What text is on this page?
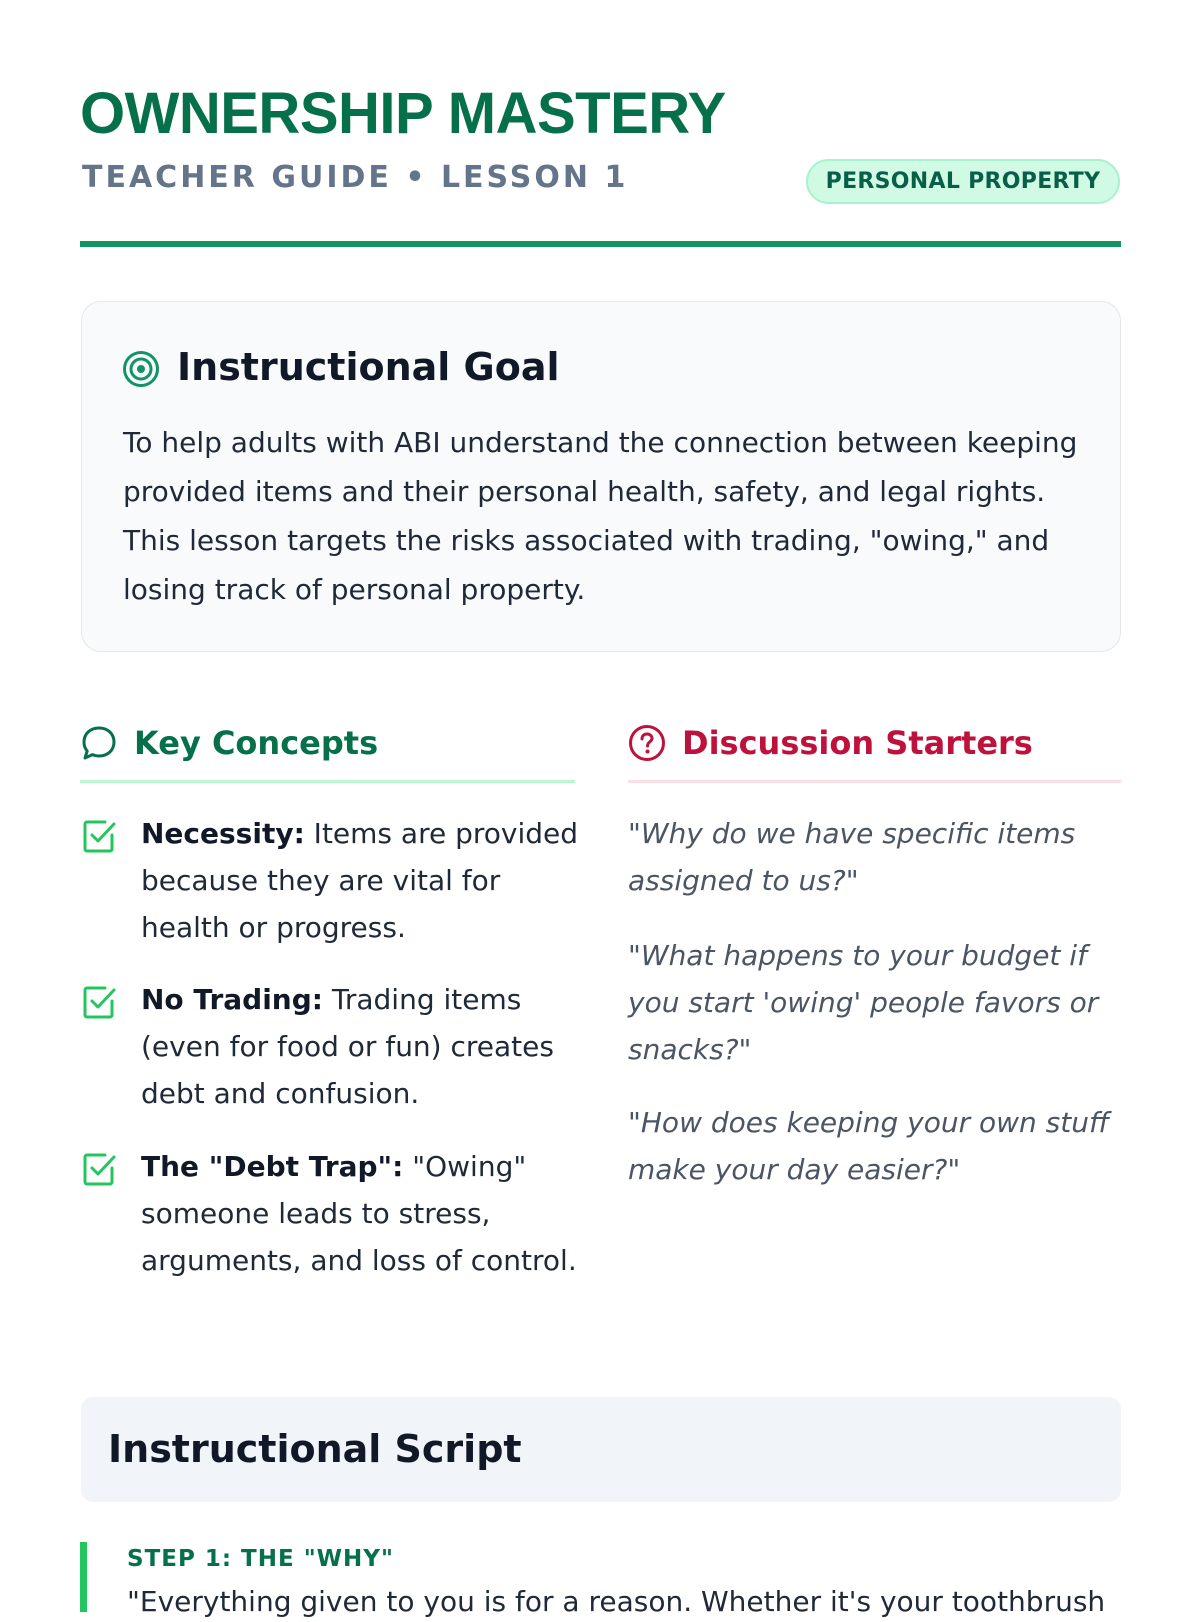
OWNERSHIP MASTERY
TEACHER GUIDE • LESSON 1	PERSONAL PROPERTY
Instructional Goal

To help adults with ABI understand the connection between keeping provided items and their personal health, safety, and legal rights. This lesson targets the risks associated with trading, "owing," and losing track of personal property.

Key Concepts
Necessity: Items are provided because they are vital for health or progress.
No Trading: Trading items (even for food or fun) creates debt and confusion.
The "Debt Trap": "Owing" someone leads to stress, arguments, and loss of control.
Discussion Starters

"Why do we have specific items assigned to us?"

"What happens to your budget if you start 'owing' people favors or snacks?"

"How does keeping your own stuff make your day easier?"

Instructional Script
STEP 1: THE "WHY"
"Everything given to you is for a reason. Whether it's your toothbrush
